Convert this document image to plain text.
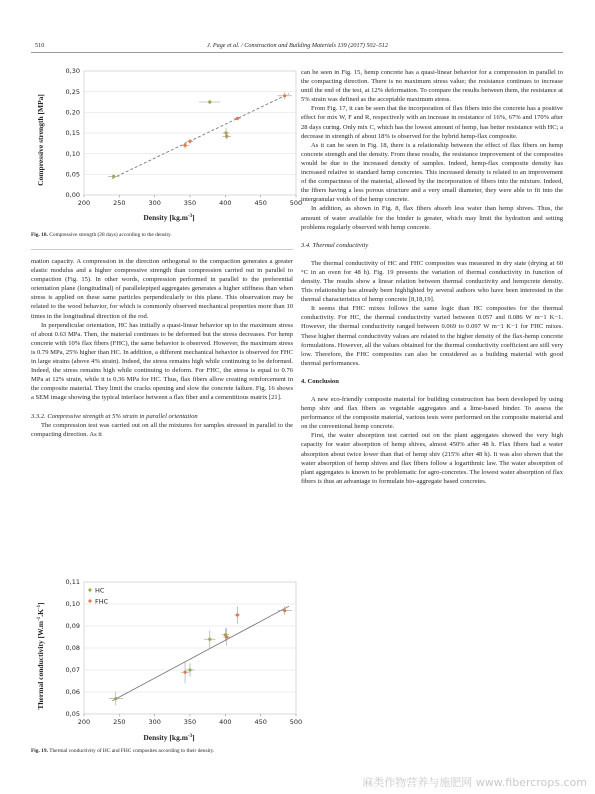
510	J. Page et al. / Construction and Building Materials 139 (2017) 502–512
0,00
0,05
0,10
0,15
0,20
0,25
0,30
200	250	300	350	400	450	500
Density $[kg.m^{-3}]$
Compressive strength [MPa]

Fig. 18. Compressive strength (28 days) according to the density.

mation capacity. A compression in the direction orthogonal to the compaction generates a greater elastic modulus and a higher compressive strength than compression carried out in parallel to compaction (Fig. 15). In other words, compression performed in parallel to the preferential orientation plane (longitudinal) of parallelepiped aggregates generates a higher stiffness than when stress is applied on these same particles perpendicularly to this plane. This observation may be related to the wood behavior, for which is commonly observed mechanical properties more than 10 times in the longitudinal direction of the rod.

In perpendicular orientation, HC has initially a quasi-linear behavior up to the maximum stress of about 0.63 MPa. Then, the material continues to be deformed but the stress decreases. For hemp concrete with 10% flax fibers (FHC), the same behavior is observed. However, the maximum stress is 0.79 MPa, 25% higher than HC. In addition, a different mechanical behavior is observed for FHC in large strains (above 4% strain). Indeed, the stress remains high while continuing to be deformed. Indeed, the stress remains high while continuing to deform. For FHC, the stress is equal to 0.76 MPa at 12% strain, while it is 0.36 MPa for HC. Thus, flax fibers allow creating reinforcement in the composite material. They limit the cracks opening and slow the concrete failure. Fig. 16 shows a SEM image showing the typical interface between a flax fiber and a cementitious matrix [21].

3.3.2. Compressive strength at 5% strain in parallel orientation

The compression test was carried out on all the mixtures for samples stressed in parallel to the compacting direction. As it

0,05
0,06
0,07
0,08
0,09
0,10
0,11
200	250	300	350	400	450	500
HC
FHC
Density $[kg.m^{-3}]$
Thermal conductivity $[W.m^{-1}.K^{-1}]$

Fig. 19. Thermal conductivity of HC and FHC composites according to their density.

can be seen in Fig. 15, hemp concrete has a quasi-linear behavior for a compression in parallel to the compacting direction. There is no maximum stress value; the resistance continues to increase until the end of the test, at 12% deformation. To compare the results between them, the resistance at 5% strain was defined as the acceptable maximum stress.

From Fig. 17, it can be seen that the incorporation of flax fibers into the concrete has a positive effect for mix W, F and R, respectively with an increase in resistance of 16%, 67% and 170% after 28 days curing. Only mix C, which has the lowest amount of hemp, has better resistance with HC; a decrease in strength of about 18% is observed for the hybrid hemp-flax composite.

As it can be seen in Fig. 18, there is a relationship between the effect of flax fibers on hemp concrete strength and the density. From these results, the resistance improvement of the composites would be due to the increased density of samples. Indeed, hemp-flax composite density has increased relative to standard hemp concretes. This increased density is related to an improvement of the compactness of the material, allowed by the incorporation of fibers into the mixture. Indeed, the fibers having a less porous structure and a very small diameter, they were able to fit into the intergranular voids of the hemp concrete.

In addition, as shown in Fig. 8, flax fibers absorb less water than hemp shives. Thus, the amount of water available for the binder is greater, which may limit the hydration and setting problems regularly observed with hemp concrete.

3.4. Thermal conductivity

The thermal conductivity of HC and FHC composites was measured in dry state (drying at 60 °C in an oven for 48 h). Fig. 19 presents the variation of thermal conductivity in function of density. The results show a linear relation between thermal conductivity and hempcrete density. This relationship has already been highlighted by several authors who have been interested in the thermal characteristics of hemp concrete [8,18,19].

It seems that FHC mixes follows the same logic than HC composites for the thermal conductivity. For HC, the thermal conductivity varied between 0.057 and 0.086 W m−1 K−1. However, the thermal conductivity ranged between 0.069 to 0.097 W m−1 K−1 for FHC mixes. These higher thermal conductivity values are related to the higher density of the flax-hemp concrete formulations. However, all the values obtained for the thermal conductivity coefficient are still very low. Therefore, the FHC composites can also be considered as a building material with good thermal performances.

4. Conclusion

A new eco-friendly composite material for building construction has been developed by using hemp shiv and flax fibers as vegetable aggregates and a lime-based binder. To assess the performance of the composite material, various tests were performed on the composite material and on the conventional hemp concrete.

First, the water absorption test carried out on the plant aggregates showed the very high capacity for water absorption of hemp shives, almost 450% after 48 h. Flax fibers had a water absorption about twice lower than that of hemp shiv (215% after 48 h). It was also shown that the water absorption of hemp shives and flax fibers follow a logarithmic law. The water absorption of plant aggregates is known to be problematic for agro-concretes. The lowest water absorption of flax fibers is thus an advantage to formulate bio-aggregate based concretes.

麻类作物营养与施肥网 www.fibercrops.com
